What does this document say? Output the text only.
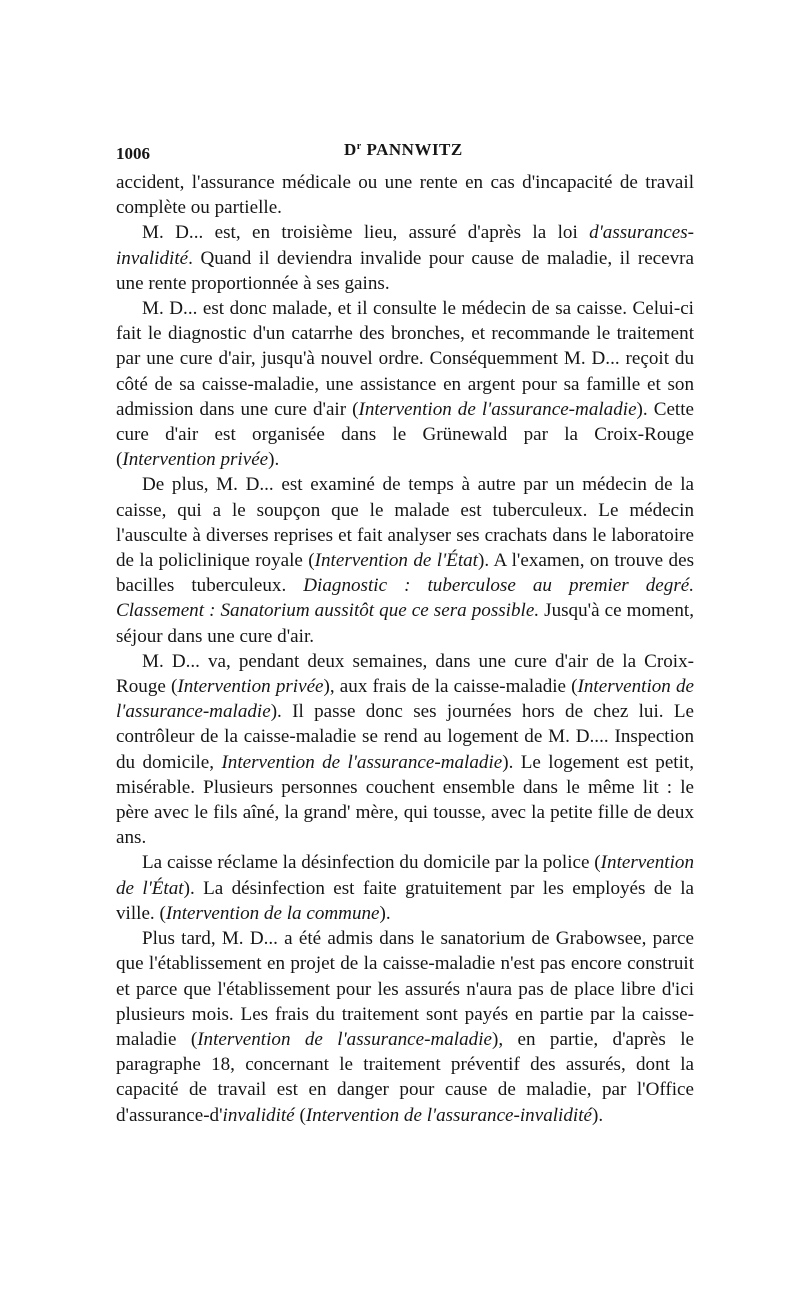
1006	$D^r$ PANNWITZ

accident, l'assurance médicale ou une rente en cas d'incapacité de travail complète ou partielle.

M. D... est, en troisième lieu, assuré d'après la loi d'assurances-invalidité. Quand il deviendra invalide pour cause de maladie, il recevra une rente proportionnée à ses gains.

M. D... est donc malade, et il consulte le médecin de sa caisse. Celui-ci fait le diagnostic d'un catarrhe des bronches, et recommande le traitement par une cure d'air, jusqu'à nouvel ordre. Conséquemment M. D... reçoit du côté de sa caisse-maladie, une assistance en argent pour sa famille et son admission dans une cure d'air (Intervention de l'assurance-maladie). Cette cure d'air est organisée dans le Grünewald par la Croix-Rouge (Intervention privée).

De plus, M. D... est examiné de temps à autre par un médecin de la caisse, qui a le soupçon que le malade est tuberculeux. Le médecin l'ausculte à diverses reprises et fait analyser ses crachats dans le laboratoire de la policlinique royale (Intervention de l'État). A l'examen, on trouve des bacilles tuberculeux. Diagnostic : tuberculose au premier degré. Classement : Sanatorium aussitôt que ce sera possible. Jusqu'à ce moment, séjour dans une cure d'air.

M. D... va, pendant deux semaines, dans une cure d'air de la Croix-Rouge (Intervention privée), aux frais de la caisse-maladie (Intervention de l'assurance-maladie). Il passe donc ses journées hors de chez lui. Le contrôleur de la caisse-maladie se rend au logement de M. D.... Inspection du domicile, Intervention de l'assurance-maladie). Le logement est petit, misérable. Plusieurs personnes couchent ensemble dans le même lit : le père avec le fils aîné, la grand' mère, qui tousse, avec la petite fille de deux ans.

La caisse réclame la désinfection du domicile par la police (Intervention de l'État). La désinfection est faite gratuitement par les employés de la ville. (Intervention de la commune).

Plus tard, M. D... a été admis dans le sanatorium de Grabowsee, parce que l'établissement en projet de la caisse-maladie n'est pas encore construit et parce que l'établissement pour les assurés n'aura pas de place libre d'ici plusieurs mois. Les frais du traitement sont payés en partie par la caisse-maladie (Intervention de l'assurance-maladie), en partie, d'après le paragraphe 18, concernant le traitement préventif des assurés, dont la capacité de travail est en danger pour cause de maladie, par l'Office d'assurance-d'invalidité (Intervention de l'assurance-invalidité).
